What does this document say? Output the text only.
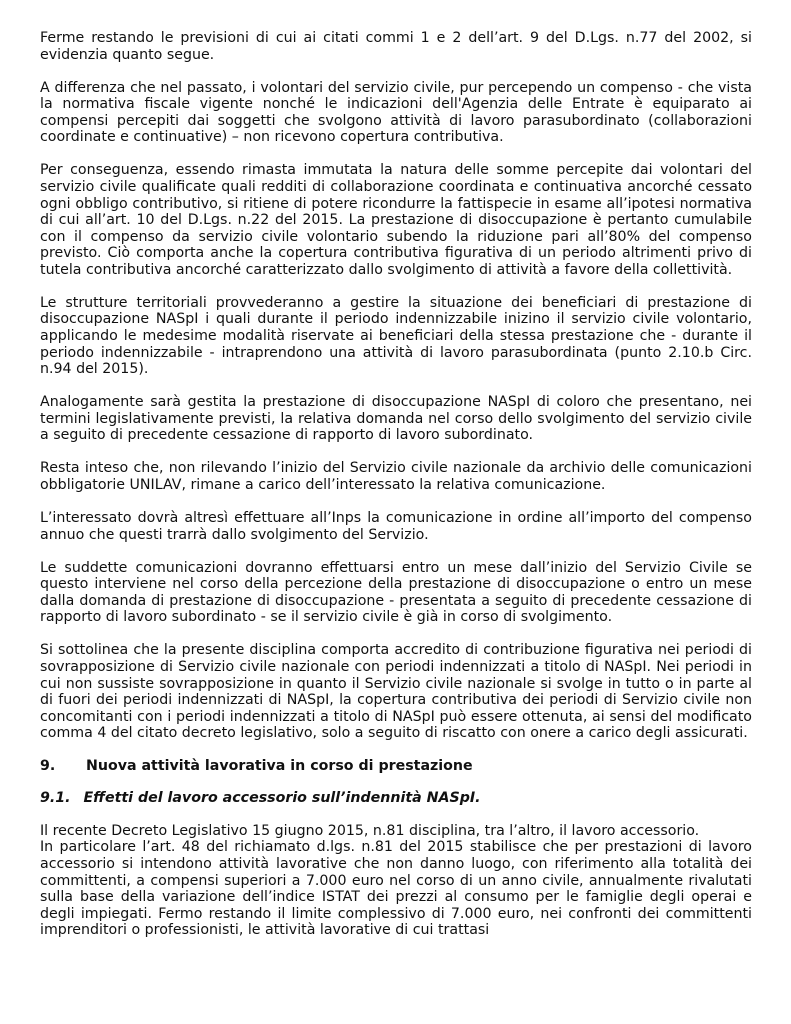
Ferme restando le previsioni di cui ai citati commi 1 e 2 dell’art. 9 del D.Lgs. n.77 del 2002, si evidenzia quanto segue.

A differenza che nel passato, i volontari del servizio civile, pur percependo un compenso - che vista la normativa fiscale vigente nonché le indicazioni dell'Agenzia delle Entrate è equiparato ai compensi percepiti dai soggetti che svolgono attività di lavoro parasubordinato (collaborazioni coordinate e continuative) – non ricevono copertura contributiva.

Per conseguenza, essendo rimasta immutata la natura delle somme percepite dai volontari del servizio civile qualificate quali redditi di collaborazione coordinata e continuativa ancorché cessato ogni obbligo contributivo, si ritiene di potere ricondurre la fattispecie in esame all’ipotesi normativa di cui all’art. 10 del D.Lgs. n.22 del 2015. La prestazione di disoccupazione è pertanto cumulabile con il compenso da servizio civile volontario subendo la riduzione pari all’80% del compenso previsto. Ciò comporta anche la copertura contributiva figurativa di un periodo altrimenti privo di tutela contributiva ancorché caratterizzato dallo svolgimento di attività a favore della collettività.

Le strutture territoriali provvederanno a gestire la situazione dei beneficiari di prestazione di disoccupazione NASpI i quali durante il periodo indennizzabile inizino il servizio civile volontario, applicando le medesime modalità riservate ai beneficiari della stessa prestazione che - durante il periodo indennizzabile - intraprendono una attività di lavoro parasubordinata (punto 2.10.b Circ. n.94 del 2015).

Analogamente sarà gestita la prestazione di disoccupazione NASpI di coloro che presentano, nei termini legislativamente previsti, la relativa domanda nel corso dello svolgimento del servizio civile a seguito di precedente cessazione di rapporto di lavoro subordinato.

Resta inteso che, non rilevando l’inizio del Servizio civile nazionale da archivio delle comunicazioni obbligatorie UNILAV, rimane a carico dell’interessato la relativa comunicazione.

L’interessato dovrà altresì effettuare all’Inps la comunicazione in ordine all’importo del compenso annuo che questi trarrà dallo svolgimento del Servizio.

Le suddette comunicazioni dovranno effettuarsi entro un mese dall’inizio del Servizio Civile se questo interviene nel corso della percezione della prestazione di disoccupazione o entro un mese dalla domanda di prestazione di disoccupazione - presentata a seguito di precedente cessazione di rapporto di lavoro subordinato - se il servizio civile è già in corso di svolgimento.

Si sottolinea che la presente disciplina comporta accredito di contribuzione figurativa nei periodi di sovrapposizione di Servizio civile nazionale con periodi indennizzati a titolo di NASpI. Nei periodi in cui non sussiste sovrapposizione in quanto il Servizio civile nazionale si svolge in tutto o in parte al di fuori dei periodi indennizzati di NASpI, la copertura contributiva dei periodi di Servizio civile non concomitanti con i periodi indennizzati a titolo di NASpI può essere ottenuta, ai sensi del modificato comma 4 del citato decreto legislativo, solo a seguito di riscatto con onere a carico degli assicurati.

9.	Nuova attività lavorativa in corso di prestazione
9.1. Effetti del lavoro accessorio sull’indennità NASpI.

Il recente Decreto Legislativo 15 giugno 2015, n.81 disciplina, tra l’altro, il lavoro accessorio.
In particolare l’art. 48 del richiamato d.lgs. n.81 del 2015 stabilisce che per prestazioni di lavoro accessorio si intendono attività lavorative che non danno luogo, con riferimento alla totalità dei committenti, a compensi superiori a 7.000 euro nel corso di un anno civile, annualmente rivalutati sulla base della variazione dell’indice ISTAT dei prezzi al consumo per le famiglie degli operai e degli impiegati. Fermo restando il limite complessivo di 7.000 euro, nei confronti dei committenti imprenditori o professionisti, le attività lavorative di cui trattasi
